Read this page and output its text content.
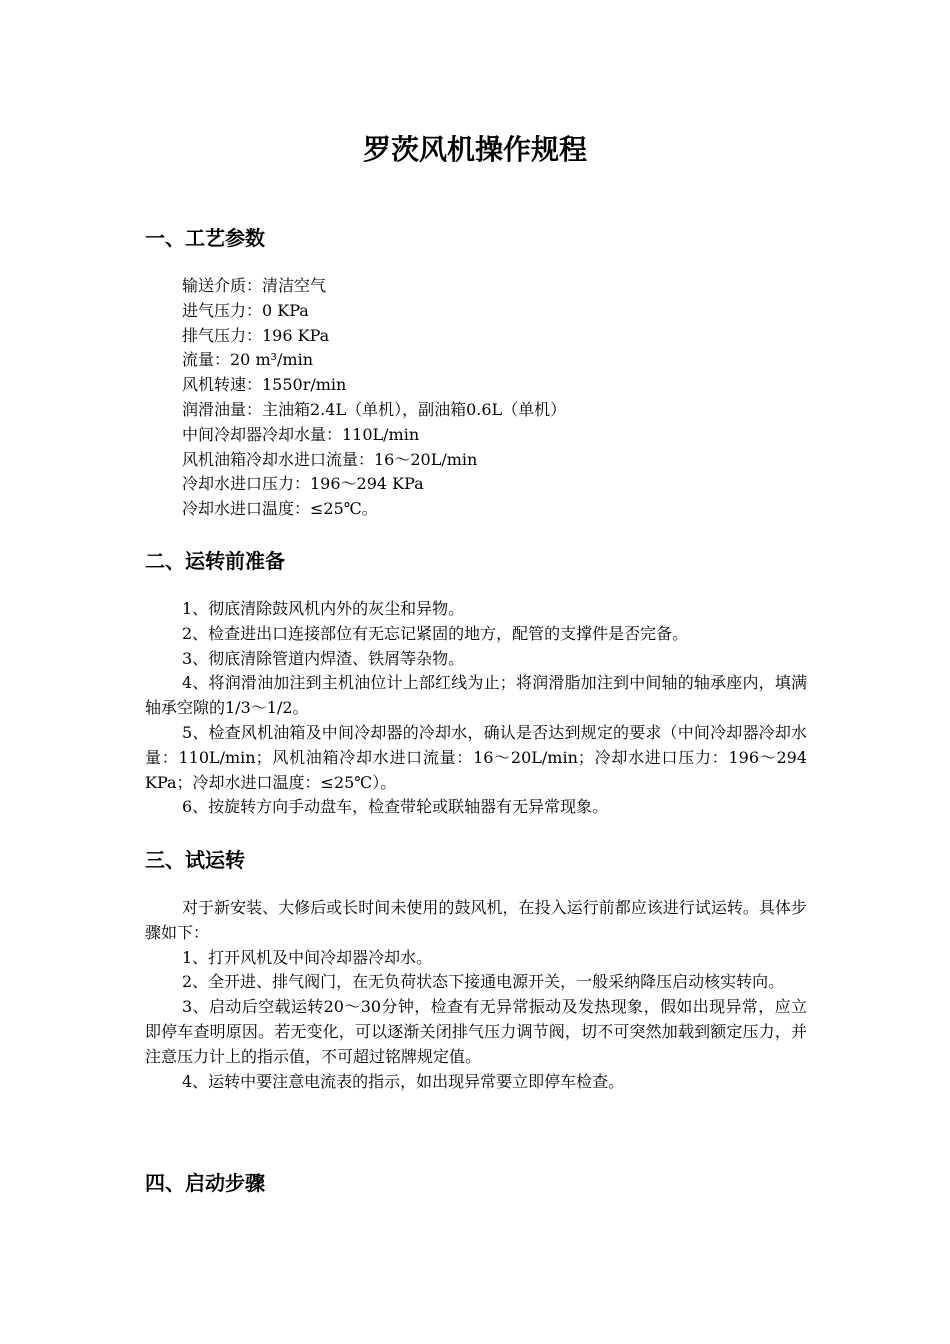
罗茨风机操作规程
一、工艺参数

输送介质：清洁空气

进气压力：0 KPa

排气压力：196 KPa

流量：20 m³/min

风机转速：1550r/min

润滑油量：主油箱2.4L（单机），副油箱0.6L（单机）

中间冷却器冷却水量：110L/min

风机油箱冷却水进口流量：16～20L/min

冷却水进口压力：196～294 KPa

冷却水进口温度：≤25℃。

二、运转前准备

1、彻底清除鼓风机内外的灰尘和异物。

2、检查进出口连接部位有无忘记紧固的地方，配管的支撑件是否完备。

3、彻底清除管道内焊渣、铁屑等杂物。

4、将润滑油加注到主机油位计上部红线为止；将润滑脂加注到中间轴的轴承座内，填满轴承空隙的1/3～1/2。

5、检查风机油箱及中间冷却器的冷却水，确认是否达到规定的要求（中间冷却器冷却水量：110L/min；风机油箱冷却水进口流量：16～20L/min；冷却水进口压力：196～294 KPa；冷却水进口温度：≤25℃）。

6、按旋转方向手动盘车，检查带轮或联轴器有无异常现象。

三、试运转

对于新安装、大修后或长时间未使用的鼓风机，在投入运行前都应该进行试运转。具体步骤如下：

1、打开风机及中间冷却器冷却水。

2、全开进、排气阀门，在无负荷状态下接通电源开关，一般采纳降压启动核实转向。

3、启动后空载运转20～30分钟，检查有无异常振动及发热现象，假如出现异常，应立即停车查明原因。若无变化，可以逐渐关闭排气压力调节阀，切不可突然加载到额定压力，并注意压力计上的指示值，不可超过铭牌规定值。

4、运转中要注意电流表的指示，如出现异常要立即停车检查。

四、启动步骤
